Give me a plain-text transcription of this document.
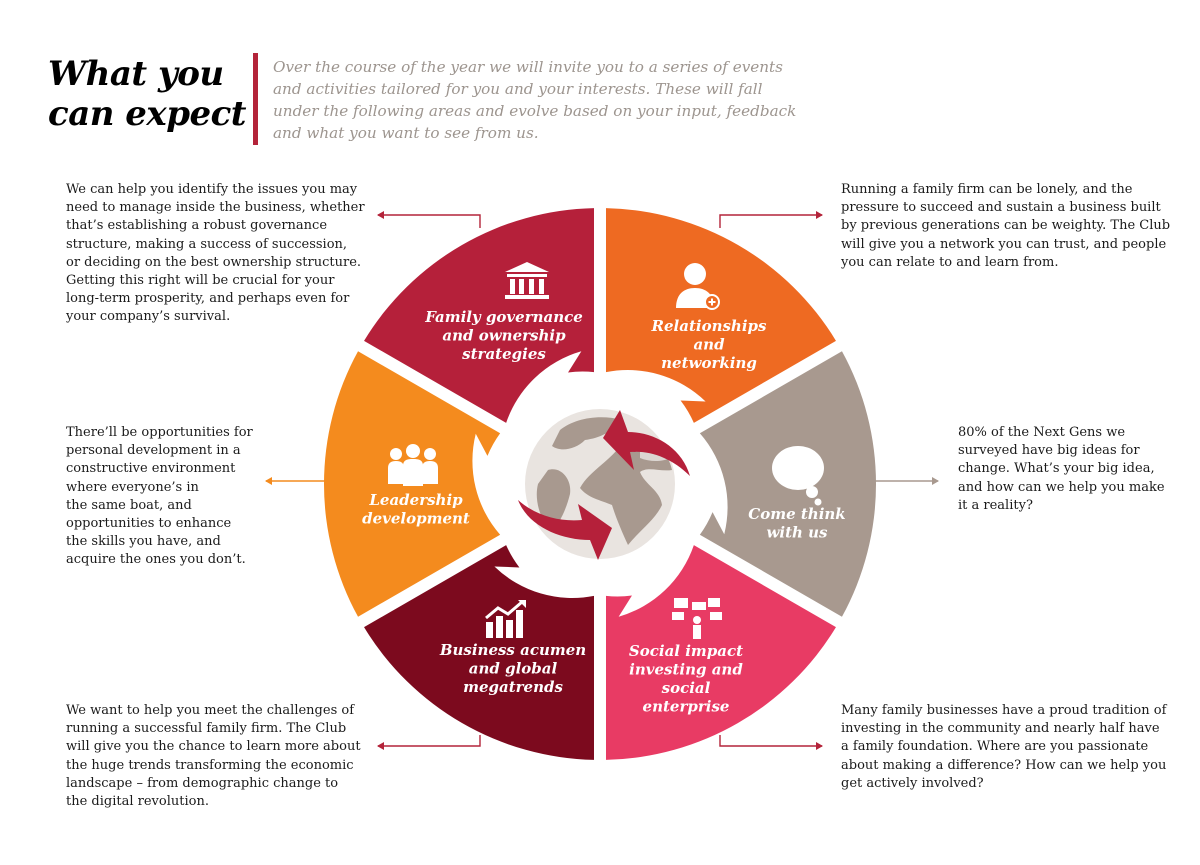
What you
can expect

Over the course of the year we will invite you to a series of events and activities tailored for you and your interests. These will fall under the following areas and evolve based on your input, feedback and what you want to see from us.

We can help you identify the issues you may
need to manage inside the business, whether
that’s establishing a robust governance
structure, making a success of succession,
or deciding on the best ownership structure.
Getting this right will be crucial for your
long-term prosperity, and perhaps even for
your company’s survival.

Running a family firm can be lonely, and the
pressure to succeed and sustain a business built
by previous generations can be weighty. The Club
will give you a network you can trust, and people
you can relate to and learn from.

There’ll be opportunities for
personal development in a
constructive environment
where everyone’s in
the same boat, and
opportunities to enhance
the skills you have, and
acquire the ones you don’t.

80% of the Next Gens we
surveyed have big ideas for
change. What’s your big idea,
and how can we help you make
it a reality?

We want to help you meet the challenges of
running a successful family firm. The Club
will give you the chance to learn more about
the huge trends transforming the economic
landscape – from demographic change to
the digital revolution.

Many family businesses have a proud tradition of
investing in the community and nearly half have
a family foundation. Where are you passionate
about making a difference? How can we help you
get actively involved?

Family governance and ownership strategies
Relationships and networking
Come think with us
Social impact investing and social enterprise
Business acumen and global megatrends
Leadership development
